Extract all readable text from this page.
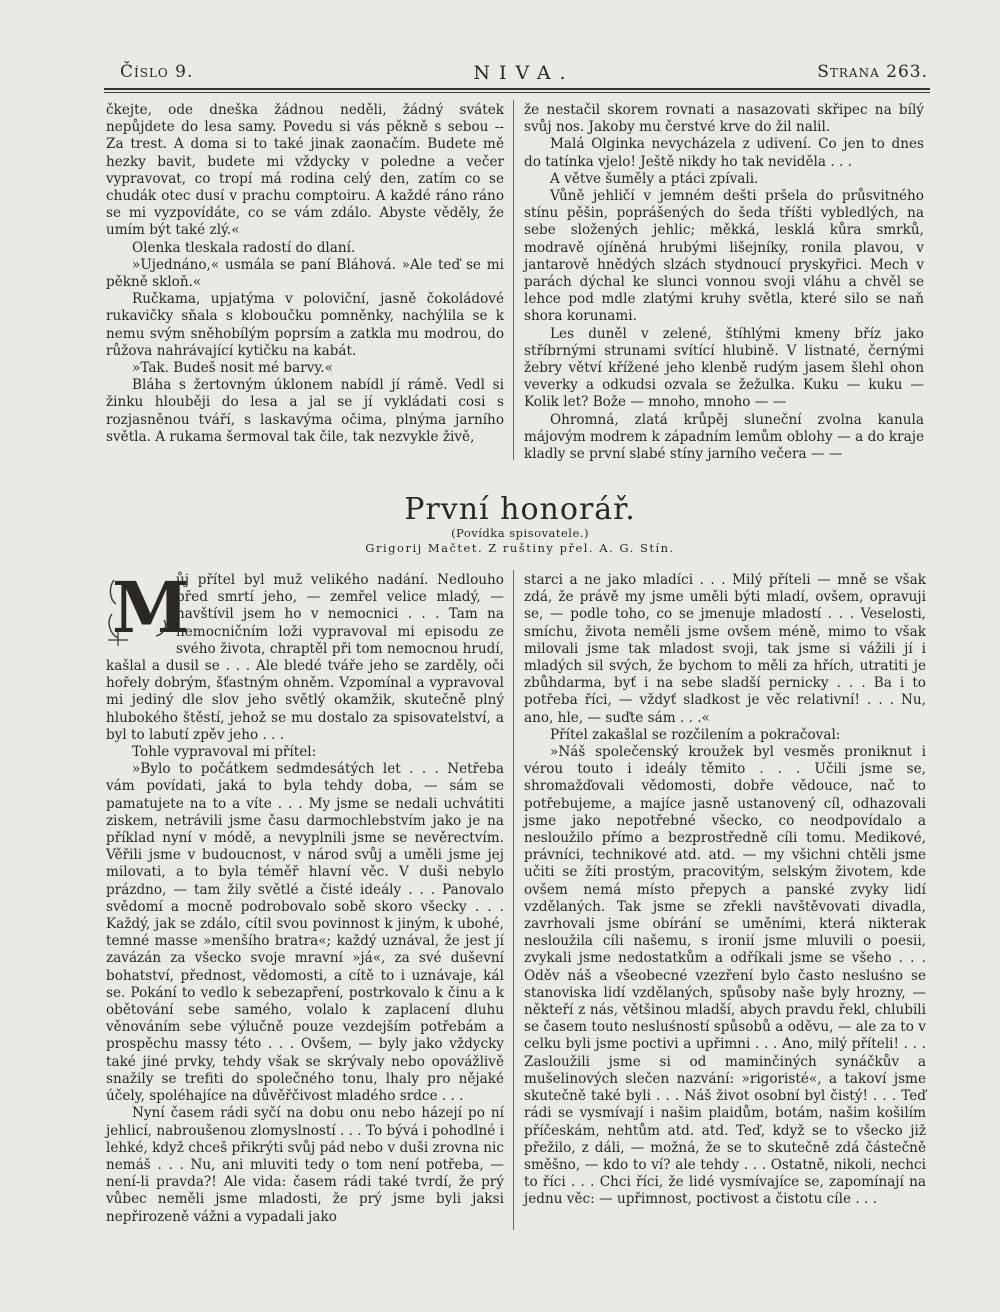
Číslo 9.	NIVA.	Strana 263.

čkejte, ode dneška žádnou neděli, žádný svátek nepůjdete do lesa samy. Povedu si vás pěkně s sebou -- Za trest. A doma si to také jinak zaonačím. Budete mě hezky bavit, budete mi vždycky v poledne a večer vypravovat, co tropí má rodina celý den, zatím co se chudák otec dusí v prachu comptoiru. A každé ráno ráno se mi vyzpovídáte, co se vám zdálo. Abyste věděly, že umím být také zlý.«

Olenka tleskala radostí do dlaní.

»Ujednáno,« usmála se paní Bláhová. »Ale teď se mi pěkně skloň.«

Ručkama, upjatýma v poloviční, jasně čokoládové rukavičky sňala s kloboučku pomněnky, nachýlila se k nemu svým sněhobílým poprsím a zatkla mu modrou, do růžova nahrávající kytičku na kabát.

»Tak. Budeš nosit mé barvy.«

Bláha s žertovným úklonem nabídl jí rámě. Vedl si žinku hlouběji do lesa a jal se jí vykládati cosi s rozjasněnou tváří, s laskavýma očima, plnýma jarního světla. A rukama šermoval tak čile, tak nezvykle živě,

že nestačil skorem rovnati a nasazovati skřipec na bílý svůj nos. Jakoby mu čerstvé krve do žil nalil.

Malá Olginka nevycházela z udivení. Co jen to dnes do tatínka vjelo! Ještě nikdy ho tak neviděla . . .

A větve šuměly a ptáci zpívali.

Vůně jehličí v jemném dešti pršela do průsvitného stínu pěšin, poprášených do šeda tříšti vybledlých, na sebe složených jehlic; měkká, lesklá kůra smrků, modravě ojíněná hrubými lišejníky, ronila plavou, v jantarově hnědých slzách stydnoucí pryskyřici. Mech v parách dýchal ke slunci vonnou svoji vláhu a chvěl se lehce pod mdle zlatými kruhy světla, které silo se naň shora korunami.

Les duněl v zelené, štíhlými kmeny bříz jako stříbrnými strunami svítící hlubině. V listnaté, černými žebry větví křížené jeho klenbě rudým jasem šlehl ohon veverky a odkudsi ozvala se žežulka. Kuku — kuku — Kolik let? Bože — mnoho, mnoho — —

Ohromná, zlatá krůpěj sluneční zvolna kanula májovým modrem k západním lemům oblohy — a do kraje kladly se první slabé stíny jarního večera — —

První honorář.
(Povídka spisovatele.)
Grigorij Mačtet. Z ruštiny přel. A. G. Stín.
M

ůj přítel byl muž velikého nadání. Nedlouho před smrtí jeho, — zemřel velice mladý, — navštívil jsem ho v nemocnici . . . Tam na nemocničním loži vypravoval mi episodu ze svého života, chraptěl při tom nemocnou hrudí, kašlal a dusil se . . . Ale bledé tváře jeho se zarděly, oči hořely dobrým, šťastným ohněm. Vzpomínal a vypravoval mi jediný dle slov jeho světlý okamžik, skutečně plný hlubokého štěstí, jehož se mu dostalo za spisovatelství, a byl to labutí zpěv jeho . . .

Tohle vypravoval mi přítel:

»Bylo to počátkem sedmdesátých let . . . Netřeba vám povídati, jaká to byla tehdy doba, — sám se pamatujete na to a víte . . . My jsme se nedali uchvátiti ziskem, netrávili jsme času darmochlebstvím jako je na příklad nyní v módě, a nevyplnili jsme se nevěrectvím. Věřili jsme v budoucnost, v národ svůj a uměli jsme jej milovati, a to byla téměř hlavní věc. V duši nebylo prázdno, — tam žily světlé a čisté ideály . . . Panovalo svědomí a mocně podrobovalo sobě skoro všecky . . . Každý, jak se zdálo, cítil svou povinnost k jiným, k ubohé, temné masse »menšího bratra«; každý uznával, že jest jí zavázán za všecko svoje mravní »já«, za své duševní bohatství, přednost, vědomosti, a cítě to i uznávaje, kál se. Pokání to vedlo k sebezapření, postrkovalo k činu a k obětování sebe samého, volalo k zaplacení dluhu věnováním sebe výlučně pouze vezdejším potřebám a prospěchu massy této . . . Ovšem, — byly jako vždycky také jiné prvky, tehdy však se skrývaly nebo opovážlivě snažily se trefiti do společného tonu, lhaly pro nějaké účely, spoléhajíce na důvěřčivost mladého srdce . . .

Nyní časem rádi syčí na dobu onu nebo házejí po ní jehlicí, nabroušenou zlomyslností . . . To bývá i pohodlné i lehké, když chceš přikrýti svůj pád nebo v duši zrovna nic nemáš . . . Nu, ani mluviti tedy o tom není potřeba, — není-li pravda?! Ale vida: časem rádi také tvrdí, že prý vůbec neměli jsme mladosti, že prý jsme byli jaksi nepřirozeně vážni a vypadali jako

starci a ne jako mladíci . . . Milý příteli — mně se však zdá, že právě my jsme uměli býti mladí, ovšem, opravuji se, — podle toho, co se jmenuje mladostí . . . Veselosti, smíchu, života neměli jsme ovšem méně, mimo to však milovali jsme tak mladost svoji, tak jsme si vážili jí i mladých sil svých, že bychom to měli za hřích, utratiti je zbůhdarma, byť i na sebe sladší pernicky . . . Ba i to potřeba říci, — vždyť sladkost je věc relativní! . . . Nu, ano, hle, — suďte sám . . .«

Přítel zakašlal se rozčilením a pokračoval:

»Náš společenský kroužek byl vesměs proniknut i vérou touto i ideály těmito . . . Učili jsme se, shromažďovali vědomosti, dobře vědouce, nač to potřebujeme, a majíce jasně ustanovený cíl, odhazovali jsme jako nepotřebné všecko, co neodpovídalo a nesloužilo přímo a bezprostředně cíli tomu. Medikové, právníci, technikové atd. atd. — my všichni chtěli jsme učiti se žíti prostým, pracovitým, selským životem, kde ovšem nemá místo přepych a panské zvyky lidí vzdělaných. Tak jsme se zřekli navštěvovati divadla, zavrhovali jsme obírání se uměními, která nikterak nesloužila cíli našemu, s ironií jsme mluvili o poesii, zvykali jsme nedostatkům a odříkali jsme se všeho . . . Oděv náš a všeobecné vzezření bylo často nesluśno se stanoviska lidí vzdělaných, spůsoby naše byly hrozny, — někteří z nás, většinou mladší, abych pravdu řekl, chlubili se časem touto nesluśností spůsobů a oděvu, — ale za to v celku byli jsme poctivi a upřimni . . . Ano, milý příteli! . . . Zasloužili jsme si od maminčiných synáčkův a mušelinových slečen nazvání: »rigoristé«, a takoví jsme skutečně také byli . . . Náš život osobní byl čistý! . . . Teď rádi se vysmívají i našim plaidům, botám, našim košilím příčeskám, nehtům atd. atd. Teď, když se to všecko již přežilo, z dáli, — možná, že se to skutečně zdá částečně směšno, — kdo to ví? ale tehdy . . . Ostatně, nikoli, nechci to říci . . . Chci říci, že lidé vysmívajíce se, zapomínají na jednu věc: — upřimnost, poctivost a čistotu cíle . . .
